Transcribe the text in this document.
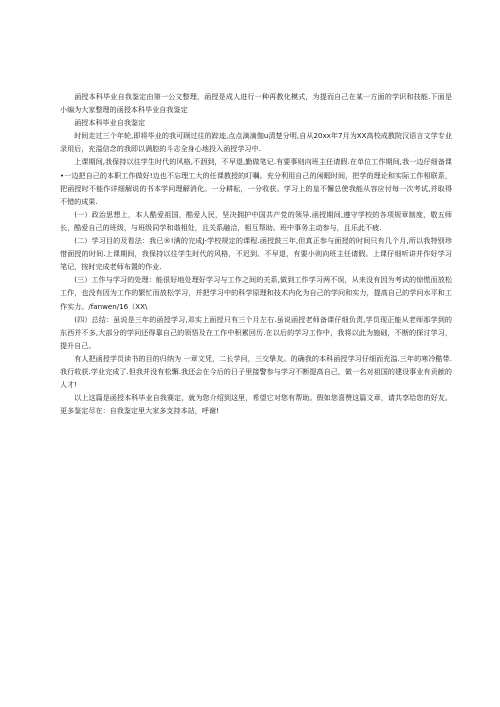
函授本科毕业自我鉴定由第一公文整理，函授是成人进行一种再教化模式，为提而自己在某一方面的学识和技能.下面是小编为大家整理的函授本科毕业自我鉴定

函授本科毕业自我鉴定

时间走过三个年轮,即将毕业的我可顾过往的踪迹,点点滴滴伽u清楚分明,自从20xx年7月为XX高校成教院汉语言文学专业录用后，充溢信念的我即以满腔的斗志全身心地投入函授学习中.

上课期间,我保持以往学生时代的风格,不洇到，不早退,勤做笔记.有要事则向班主任请假.在单位工作期间,我一边仔细备课•一边把自己的本职工作做好!边也不忘理工大的任课教授的叮嘱。充分利用自己的闲暇时间，把学的理论和实际工作相联系，把函授时不能作详细解说的书本学问理解消化。一分耕耘，一分收获。学习上的皇不懈总使我能从容应付每一次考试,并取得不错的成果.

(一）政治思想上，本人酷爱祖国，酷爱人民，坚决拥护中国共产党的领导.函授期间,遵守学校的各项规章制度，敬五师长，酷爱自己的班级，与班级同学和谐相处，且关系融洽，相互帮助。班中事务主动参与，且乐此不疲.

(二）学习目的及看法：我已®!满的完成J-学校规定的课程.函授鼓三年,但真正参与面授的时间只有几个月,所以我特别珍惜面授的时间.上课期间，我保持以往学生时代的风格，不迟到、不早退，有要小则向班主任请假。上课仔细听讲并作好学习笔记，按时完成老师布置的作业.

(三）工作与学习的处理：能很好地处理好学习与工作之间的关系,做到工作学习两不误，从来没有因为考试的惊慌而放松工作，也没有因为工作的繁忙而放松学习，并把学习中的科学原理和技术内化为自己的学问和实力，提高自己的学问水平和工作实力。/fanwen/16（XX\

(四）总结：虽说是三年的函授学习,邓实上面授只有三个月左右.虽说函授老师备课仔细负责,学员现正能从老师那学到的东西并不多,大部分的学问还得靠自己的领悟及在工作中积累回历.在以后的学习工作中，我将以此为施础，不断的探讨学习，提升自己。

有人把函授学员读书的目的归纳为 一章文凭，二长学问，三交挚友。的确我的本科函授学习仔细而充溢.三年的寒冷酷带.我行收获.学业完成了.但我并没有松懈.我还会在今后的日子里接警参与学习不断提高自己，做一名对祖国的建设事业有贡献的人才!

以上这篇是函授本科毕业自我赛定，就为您介绍到这里，希望它对您有帮助。假如您喜赞这篇文章，请共享给您的好友。更多鉴定尽在：自我鉴定里大家多支持本站，呼谢!
